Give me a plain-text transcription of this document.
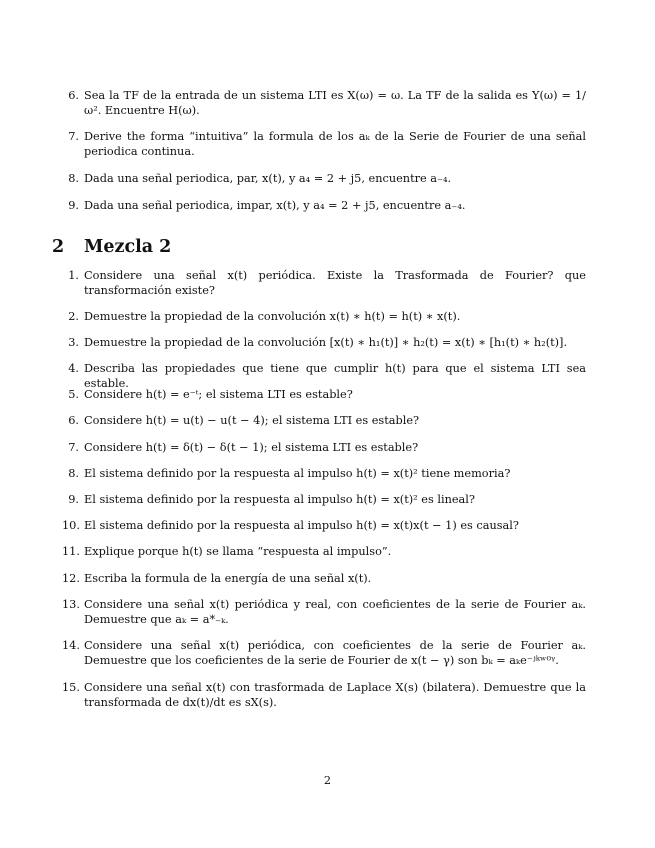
6. Sea la TF de la entrada de un sistema LTI es X(ω) = ω. La TF de la salida es Y(ω) = 1/ω². Encuentre H(ω).
7. Derive the forma “intuitiva” la formula de los aₖ de la Serie de Fourier de una señal periodica continua.
8. Dada una señal periodica, par, x(t), y a₄ = 2 + j5, encuentre a₋₄.
9. Dada una señal periodica, impar, x(t), y a₄ = 2 + j5, encuentre a₋₄.
2 Mezcla 2
1. Considere una señal x(t) periódica. Existe la Trasformada de Fourier? que transformación existe?
2. Demuestre la propiedad de la convolución x(t) ∗ h(t) = h(t) ∗ x(t).
3. Demuestre la propiedad de la convolución [x(t) ∗ h₁(t)] ∗ h₂(t) = x(t) ∗ [h₁(t) ∗ h₂(t)].
4. Describa las propiedades que tiene que cumplir h(t) para que el sistema LTI sea estable.
5. Considere h(t) = e⁻ᵗ; el sistema LTI es estable?
6. Considere h(t) = u(t) − u(t − 4); el sistema LTI es estable?
7. Considere h(t) = δ(t) − δ(t − 1); el sistema LTI es estable?
8. El sistema definido por la respuesta al impulso h(t) = x(t)² tiene memoria?
9. El sistema definido por la respuesta al impulso h(t) = x(t)² es lineal?
10. El sistema definido por la respuesta al impulso h(t) = x(t)x(t − 1) es causal?
11. Explique porque h(t) se llama “respuesta al impulso”.
12. Escriba la formula de la energía de una señal x(t).
13. Considere una señal x(t) periódica y real, con coeficientes de la serie de Fourier aₖ. Demuestre que aₖ = a*₋ₖ.
14. Considere una señal x(t) periódica, con coeficientes de la serie de Fourier aₖ. Demuestre que los coeficientes de la serie de Fourier de x(t − γ) son bₖ = aₖe⁻ʲᵏʷ⁰ᵞ.
15. Considere una señal x(t) con trasformada de Laplace X(s) (bilatera). Demuestre que la transformada de dx(t)/dt es sX(s).
2
